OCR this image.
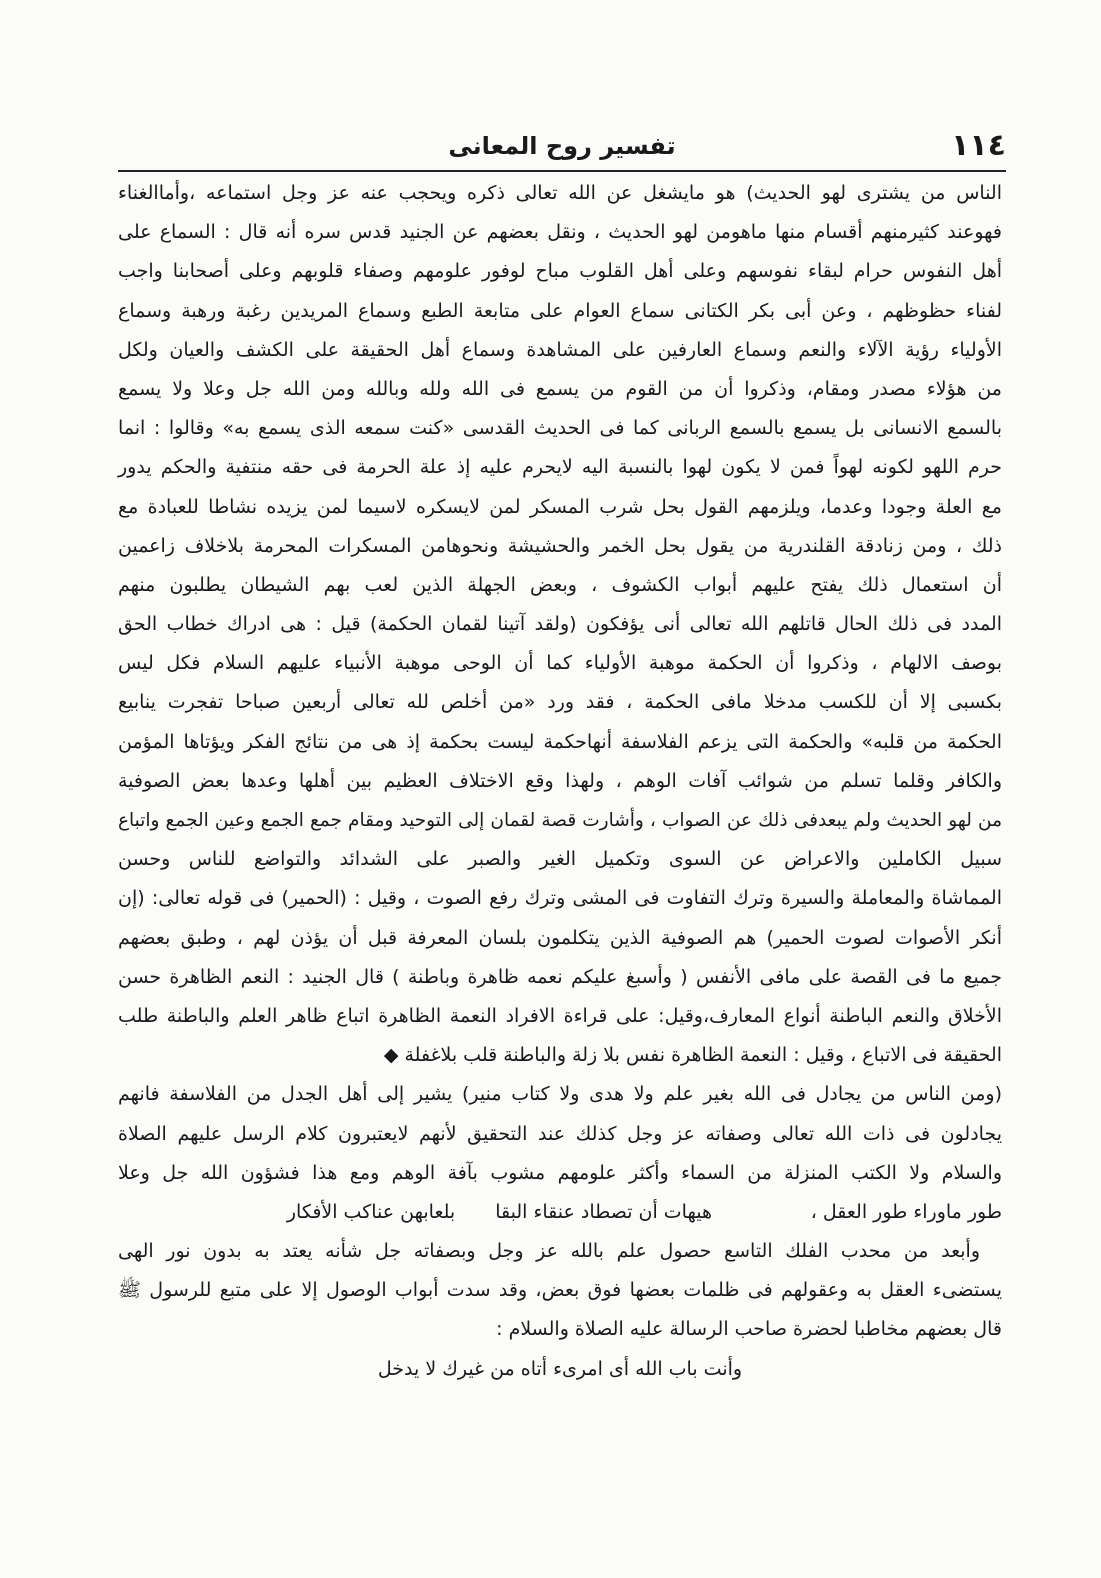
١١٤
تفسير روح المعانى
الناس من يشترى لهو الحديث) هو مايشغل عن الله تعالى ذكره ويحجب عنه عز وجل استماعه ،وأماالغناء
فهوعند كثيرمنهم أقسام منها ماهومن لهو الحديث ، ونقل بعضهم عن الجنيد قدس سره أنه قال : السماع على
أهل النفوس حرام لبقاء نفوسهم وعلى أهل القلوب مباح لوفور علومهم وصفاء قلوبهم وعلى أصحابنا واجب
لفناء حظوظهم ، وعن أبى بكر الكتانى سماع العوام على متابعة الطبع وسماع المريدين رغبة ورهبة وسماع
الأولياء رؤية الآلاء والنعم وسماع العارفين على المشاهدة وسماع أهل الحقيقة على الكشف والعيان ولكل
من هؤلاء مصدر ومقام، وذكروا أن من القوم من يسمع فى الله ولله وبالله ومن الله جل وعلا ولا يسمع
بالسمع الانسانى بل يسمع بالسمع الربانى كما فى الحديث القدسى «كنت سمعه الذى يسمع به» وقالوا : انما
حرم اللهو لكونه لهواً فمن لا يكون لهوا بالنسبة اليه لايحرم عليه إذ علة الحرمة فى حقه منتفية والحكم يدور
مع العلة وجودا وعدما، ويلزمهم القول بحل شرب المسكر لمن لايسكره لاسيما لمن يزيده نشاطا للعبادة مع
ذلك ، ومن زنادقة القلندرية من يقول بحل الخمر والحشيشة ونحوهامن المسكرات المحرمة بلاخلاف زاعمين
أن استعمال ذلك يفتح عليهم أبواب الكشوف ، وبعض الجهلة الذين لعب بهم الشيطان يطلبون منهم
المدد فى ذلك الحال قاتلهم الله تعالى أنى يؤفكون (ولقد آتينا لقمان الحكمة) قيل : هى ادراك خطاب الحق
بوصف الالهام ، وذكروا أن الحكمة موهبة الأولياء كما أن الوحى موهبة الأنبياء عليهم السلام فكل ليس
بكسبى إلا أن للكسب مدخلا مافى الحكمة ، فقد ورد «من أخلص لله تعالى أربعين صباحا تفجرت ينابيع
الحكمة من قلبه» والحكمة التى يزعم الفلاسفة أنهاحكمة ليست بحكمة إذ هى من نتائج الفكر ويؤتاها المؤمن
والكافر وقلما تسلم من شوائب آفات الوهم ، ولهذا وقع الاختلاف العظيم بين أهلها وعدها بعض الصوفية
من لهو الحديث ولم يبعدفى ذلك عن الصواب ، وأشارت قصة لقمان إلى التوحيد ومقام جمع الجمع وعين الجمع واتباع
سبيل الكاملين والاعراض عن السوى وتكميل الغير والصبر على الشدائد والتواضع للناس وحسن
المماشاة والمعاملة والسيرة وترك التفاوت فى المشى وترك رفع الصوت ، وقيل : (الحمير) فى قوله تعالى: (إن
أنكر الأصوات لصوت الحمير) هم الصوفية الذين يتكلمون بلسان المعرفة قبل أن يؤذن لهم ، وطبق بعضهم
جميع ما فى القصة على مافى الأنفس ( وأسبغ عليكم نعمه ظاهرة وباطنة ) قال الجنيد : النعم الظاهرة حسن
الأخلاق والنعم الباطنة أنواع المعارف،وقيل: على قراءة الافراد النعمة الظاهرة اتباع ظاهر العلم والباطنة طلب
الحقيقة فى الاتباع ، وقيل : النعمة الظاهرة نفس بلا زلة والباطنة قلب بلاغفلة ◆
(ومن الناس من يجادل فى الله بغير علم ولا هدى ولا كتاب منير) يشير إلى أهل الجدل من الفلاسفة فانهم
يجادلون فى ذات الله تعالى وصفاته عز وجل كذلك عند التحقيق لأنهم لايعتبرون كلام الرسل عليهم الصلاة
والسلام ولا الكتب المنزلة من السماء وأكثر علومهم مشوب بآفة الوهم ومع هذا فشؤون الله جل وعلا
طور ماوراء طور العقل ،
هيهات أن تصطاد عنقاء البقا
بلعابهن عناكب الأفكار
وأبعد من محدب الفلك التاسع حصول علم بالله عز وجل وبصفاته جل شأنه يعتد به بدون نور الهى
يستضىء العقل به وعقولهم فى ظلمات بعضها فوق بعض، وقد سدت أبواب الوصول إلا على متبع للرسول ﷺ
قال بعضهم مخاطبا لحضرة صاحب الرسالة عليه الصلاة والسلام :
وأنت باب الله أى امرىء أتاه من غيرك لا يدخل
